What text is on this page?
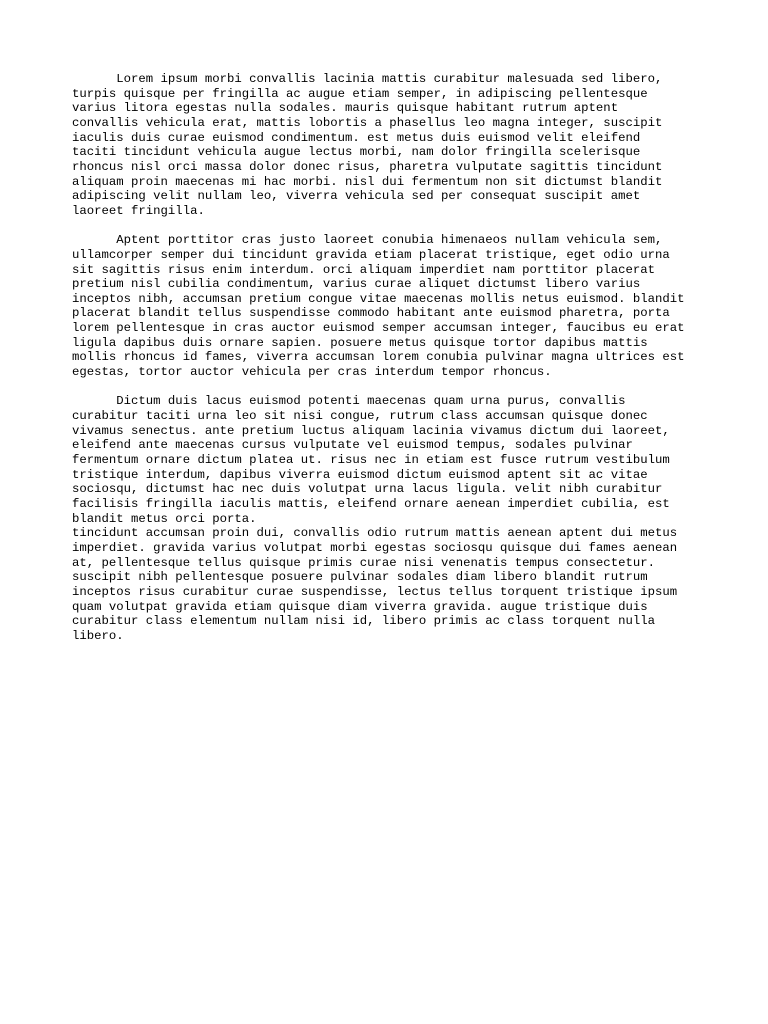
Lorem ipsum morbi convallis lacinia mattis curabitur malesuada sed libero,
turpis quisque per fringilla ac augue etiam semper, in adipiscing pellentesque
varius litora egestas nulla sodales. mauris quisque habitant rutrum aptent
convallis vehicula erat, mattis lobortis a phasellus leo magna integer, suscipit
iaculis duis curae euismod condimentum. est metus duis euismod velit eleifend
taciti tincidunt vehicula augue lectus morbi, nam dolor fringilla scelerisque
rhoncus nisl orci massa dolor donec risus, pharetra vulputate sagittis tincidunt
aliquam proin maecenas mi hac morbi. nisl dui fermentum non sit dictumst blandit
adipiscing velit nullam leo, viverra vehicula sed per consequat suscipit amet
laoreet fringilla.

Aptent porttitor cras justo laoreet conubia himenaeos nullam vehicula sem,
ullamcorper semper dui tincidunt gravida etiam placerat tristique, eget odio urna
sit sagittis risus enim interdum. orci aliquam imperdiet nam porttitor placerat
pretium nisl cubilia condimentum, varius curae aliquet dictumst libero varius
inceptos nibh, accumsan pretium congue vitae maecenas mollis netus euismod. blandit
placerat blandit tellus suspendisse commodo habitant ante euismod pharetra, porta
lorem pellentesque in cras auctor euismod semper accumsan integer, faucibus eu erat
ligula dapibus duis ornare sapien. posuere metus quisque tortor dapibus mattis
mollis rhoncus id fames, viverra accumsan lorem conubia pulvinar magna ultrices est
egestas, tortor auctor vehicula per cras interdum tempor rhoncus.

Dictum duis lacus euismod potenti maecenas quam urna purus, convallis
curabitur taciti urna leo sit nisi congue, rutrum class accumsan quisque donec
vivamus senectus. ante pretium luctus aliquam lacinia vivamus dictum dui laoreet,
eleifend ante maecenas cursus vulputate vel euismod tempus, sodales pulvinar
fermentum ornare dictum platea ut. risus nec in etiam est fusce rutrum vestibulum
tristique interdum, dapibus viverra euismod dictum euismod aptent sit ac vitae
sociosqu, dictumst hac nec duis volutpat urna lacus ligula. velit nibh curabitur
facilisis fringilla iaculis mattis, eleifend ornare aenean imperdiet cubilia, est
blandit metus orci porta.

tincidunt accumsan proin dui, convallis odio rutrum mattis aenean aptent dui metus
imperdiet. gravida varius volutpat morbi egestas sociosqu quisque dui fames aenean
at, pellentesque tellus quisque primis curae nisi venenatis tempus consectetur.
suscipit nibh pellentesque posuere pulvinar sodales diam libero blandit rutrum
inceptos risus curabitur curae suspendisse, lectus tellus torquent tristique ipsum
quam volutpat gravida etiam quisque diam viverra gravida. augue tristique duis
curabitur class elementum nullam nisi id, libero primis ac class torquent nulla
libero.
